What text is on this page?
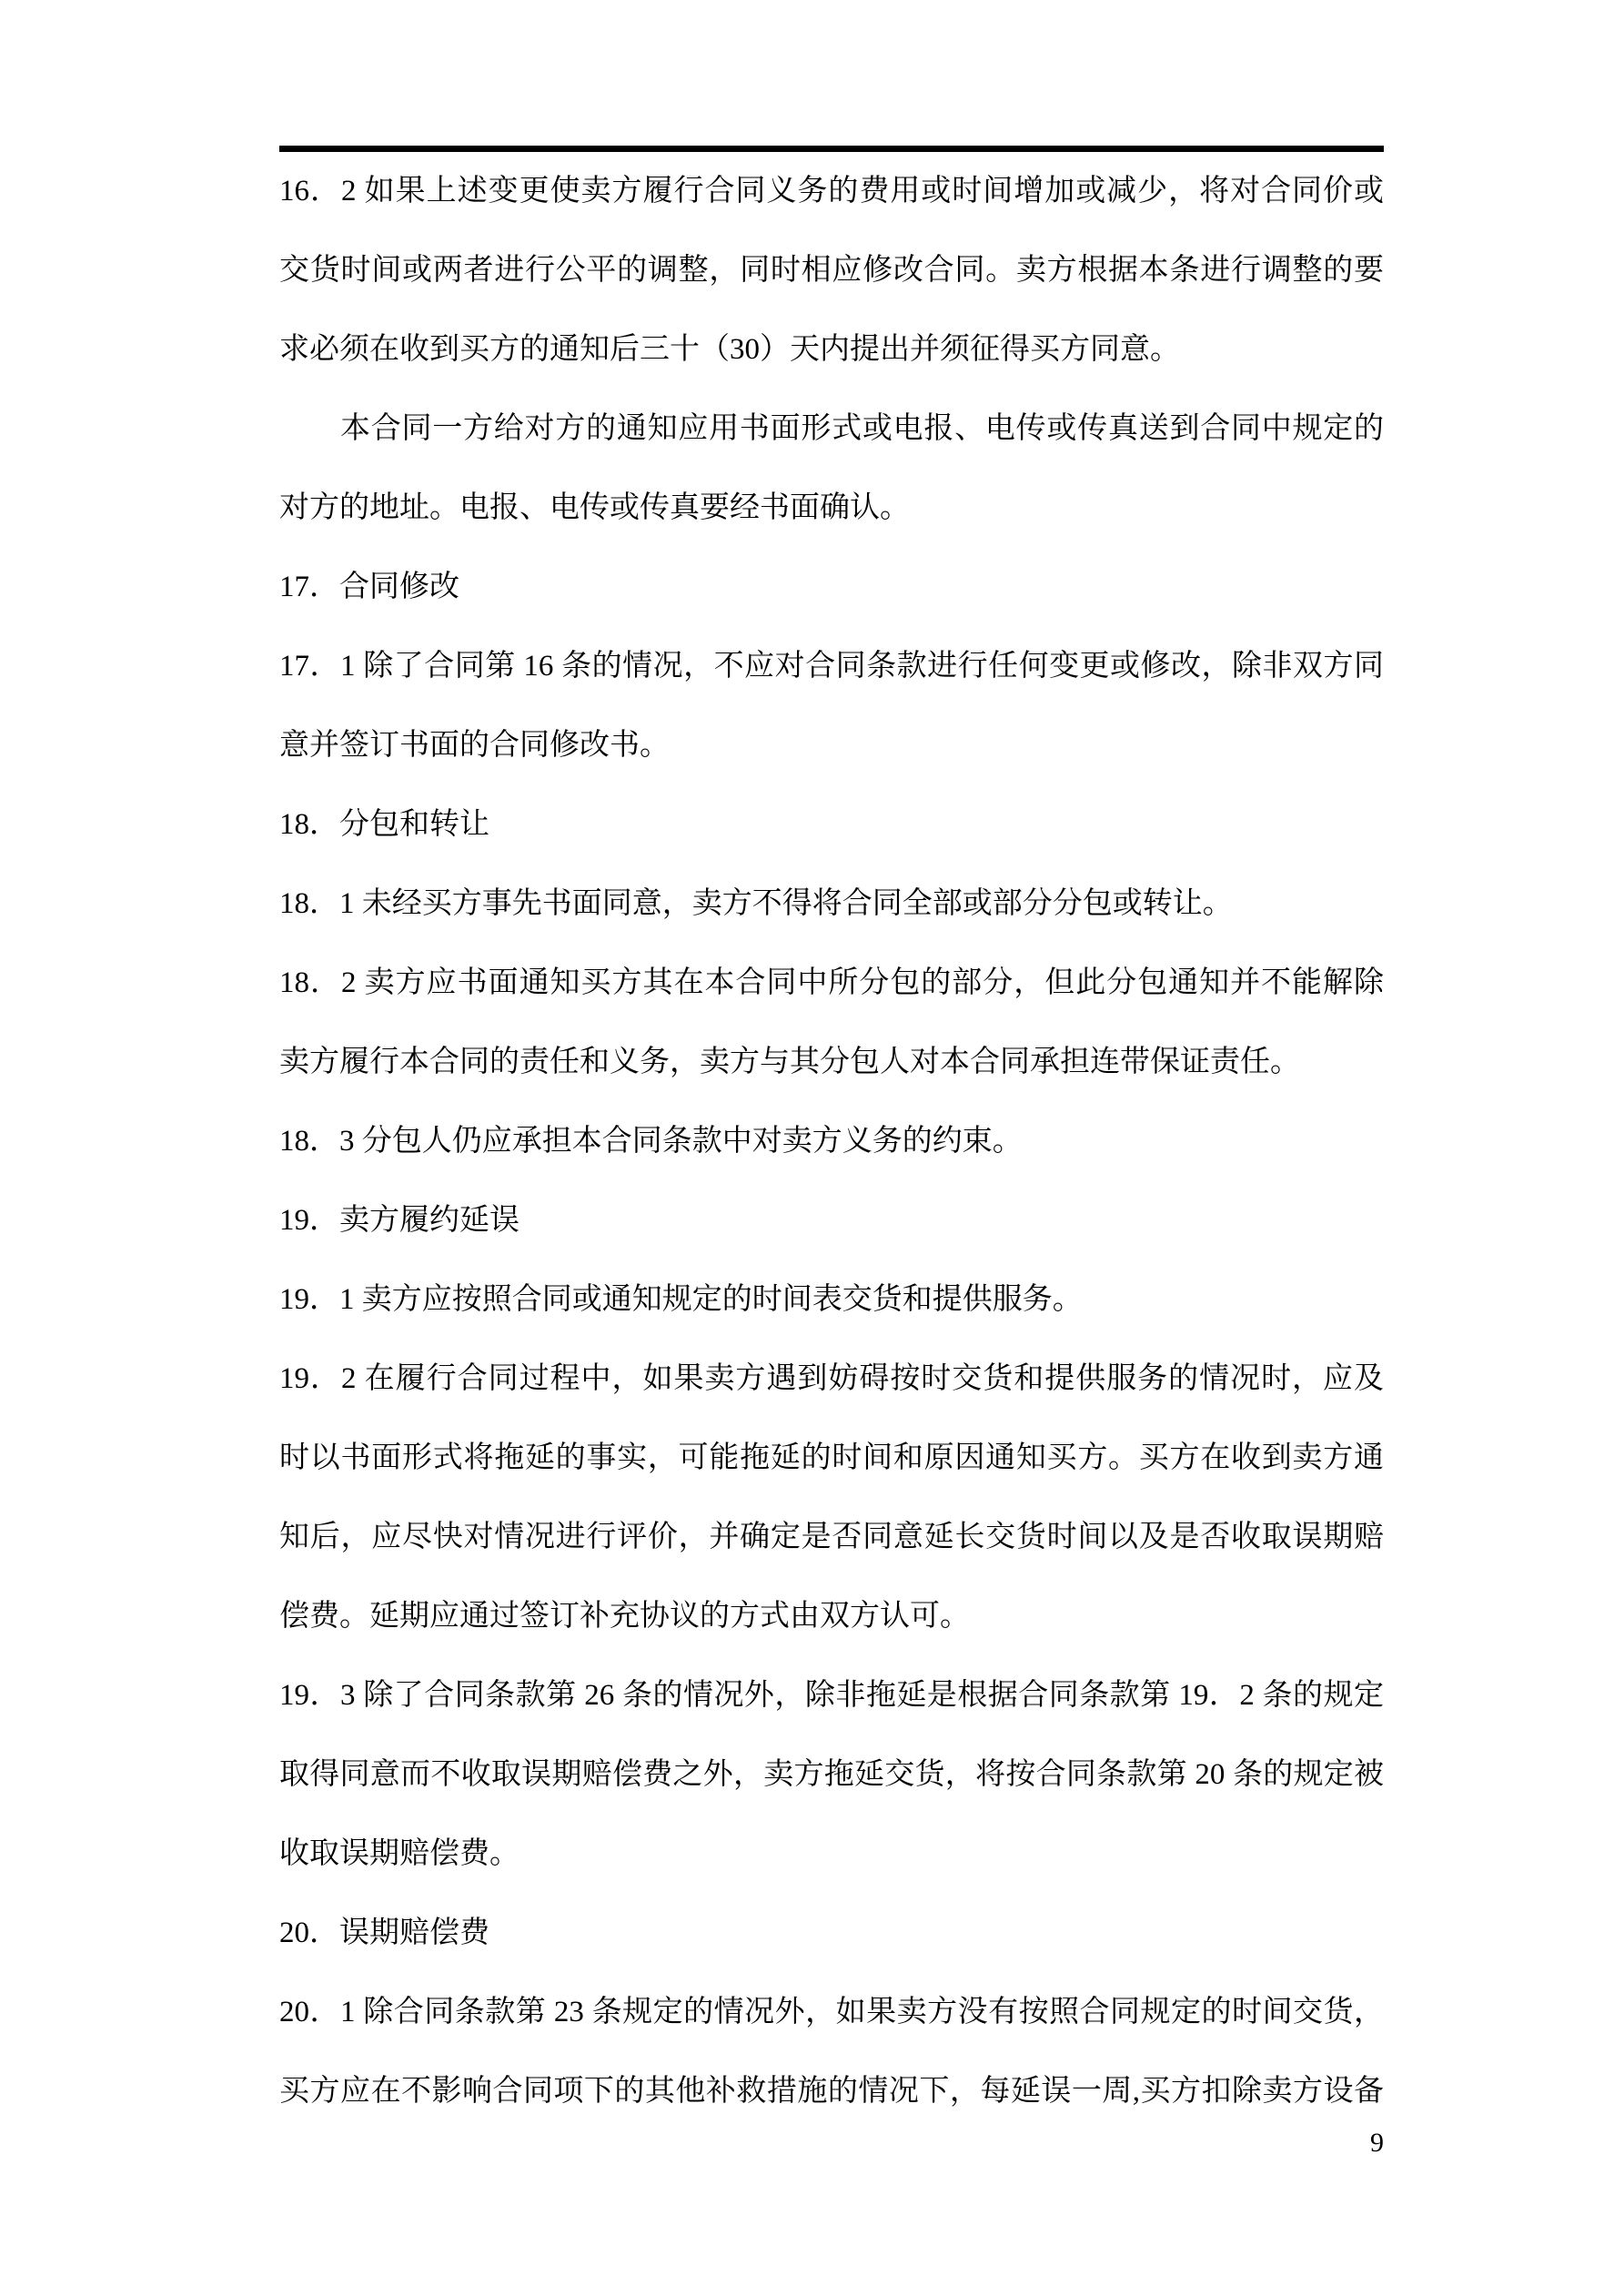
16．2 如果上述变更使卖方履行合同义务的费用或时间增加或减少，将对合同价或
交货时间或两者进行公平的调整，同时相应修改合同。卖方根据本条进行调整的要
求必须在收到买方的通知后三十（30）天内提出并须征得买方同意。
本合同一方给对方的通知应用书面形式或电报、电传或传真送到合同中规定的
对方的地址。电报、电传或传真要经书面确认。
17．合同修改
17．1 除了合同第 16 条的情况，不应对合同条款进行任何变更或修改，除非双方同
意并签订书面的合同修改书。
18．分包和转让
18．1 未经买方事先书面同意，卖方不得将合同全部或部分分包或转让。
18．2 卖方应书面通知买方其在本合同中所分包的部分，但此分包通知并不能解除
卖方履行本合同的责任和义务，卖方与其分包人对本合同承担连带保证责任。
18．3 分包人仍应承担本合同条款中对卖方义务的约束。
19．卖方履约延误
19．1 卖方应按照合同或通知规定的时间表交货和提供服务。
19．2 在履行合同过程中，如果卖方遇到妨碍按时交货和提供服务的情况时，应及
时以书面形式将拖延的事实，可能拖延的时间和原因通知买方。买方在收到卖方通
知后，应尽快对情况进行评价，并确定是否同意延长交货时间以及是否收取误期赔
偿费。延期应通过签订补充协议的方式由双方认可。
19．3 除了合同条款第 26 条的情况外，除非拖延是根据合同条款第 19．2 条的规定
取得同意而不收取误期赔偿费之外，卖方拖延交货，将按合同条款第 20 条的规定被
收取误期赔偿费。
20．误期赔偿费
20．1 除合同条款第 23 条规定的情况外，如果卖方没有按照合同规定的时间交货，
买方应在不影响合同项下的其他补救措施的情况下，每延误一周,买方扣除卖方设备
9
